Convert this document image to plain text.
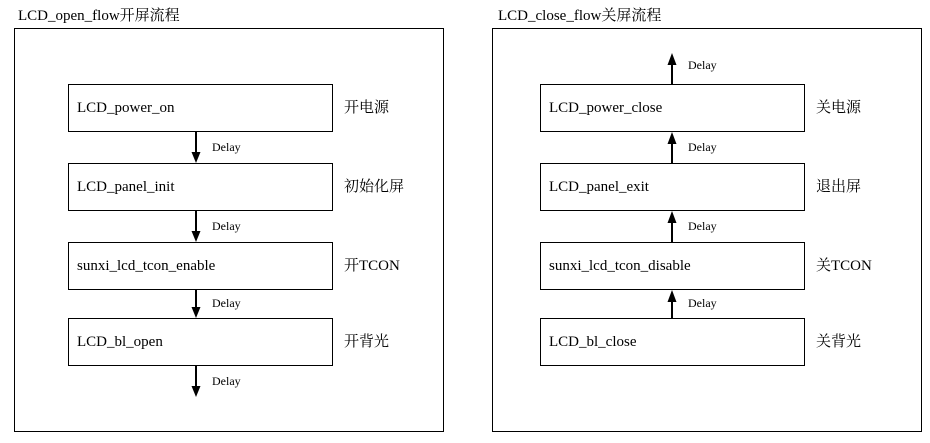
LCD_open_flow开屏流程
LCD_power_on
LCD_panel_init
sunxi_lcd_tcon_enable
LCD_bl_open
Delay
Delay
Delay
Delay
开电源
初始化屏
开TCON
开背光
LCD_close_flow关屏流程
LCD_power_close
LCD_panel_exit
sunxi_lcd_tcon_disable
LCD_bl_close
Delay
Delay
Delay
Delay
关电源
退出屏
关TCON
关背光
